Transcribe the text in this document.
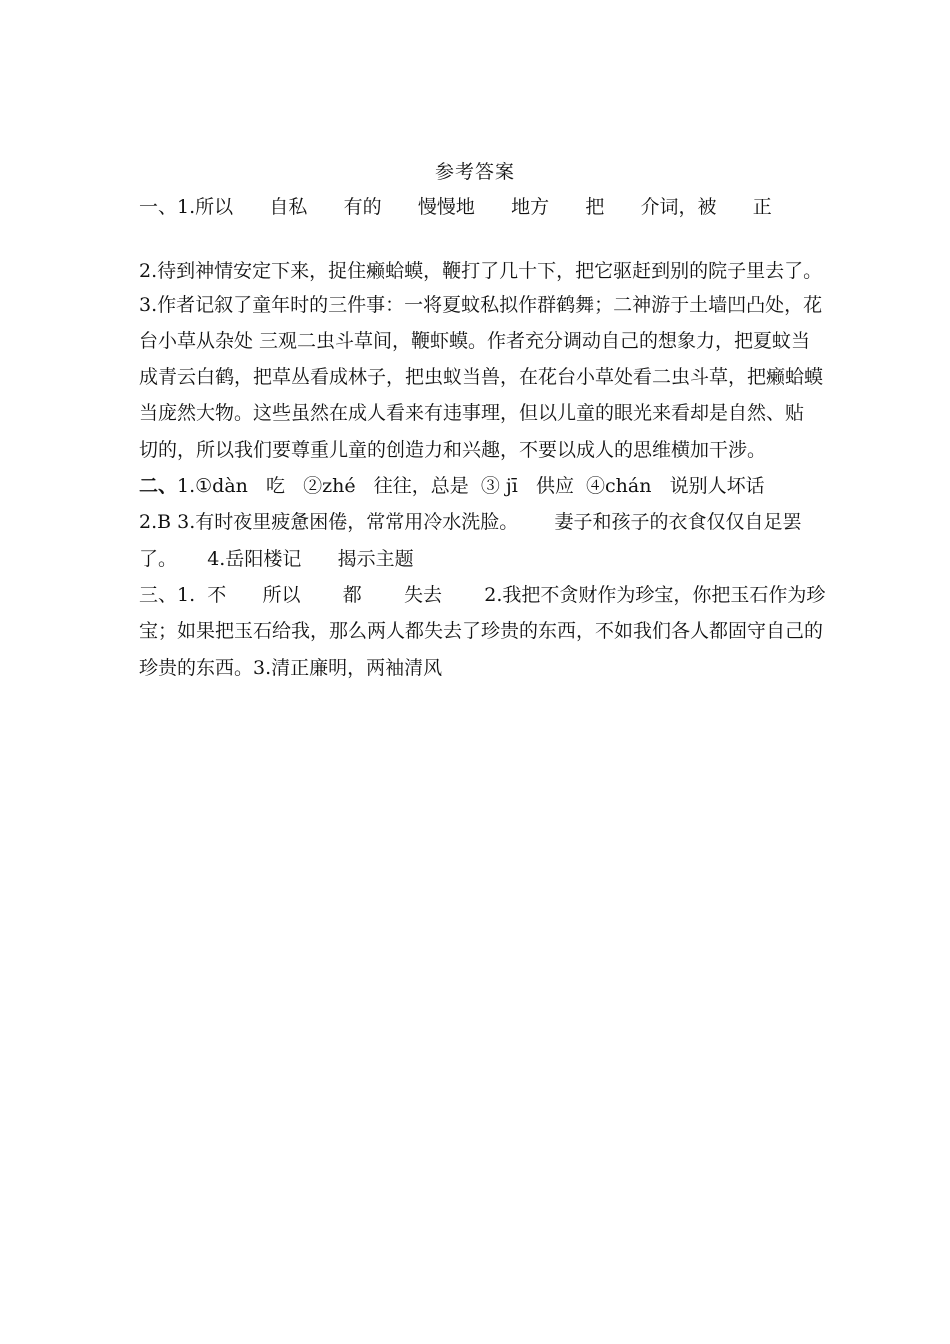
参考答案
一、1.所以      自私      有的      慢慢地      地方      把      介词，被      正
2.待到神情安定下来，捉住癞蛤蟆，鞭打了几十下，把它驱赶到别的院子里去了。
3.作者记叙了童年时的三件事：一将夏蚊私拟作群鹤舞；二神游于土墙凹凸处，花
台小草从杂处 三观二虫斗草间，鞭虾蟆。作者充分调动自己的想象力，把夏蚊当
成青云白鹤，把草丛看成林子，把虫蚁当兽，在花台小草处看二虫斗草，把癞蛤蟆
当庞然大物。这些虽然在成人看来有违事理，但以儿童的眼光来看却是自然、贴
切的，所以我们要尊重儿童的创造力和兴趣，不要以成人的思维横加干涉。
二、1.①dàn   吃   ②zhé   往往，总是  ③ jī   供应  ④chán   说别人坏话
2.B 3.有时夜里疲惫困倦，常常用冷水洗脸。      妻子和孩子的衣食仅仅自足罢
了。     4.岳阳楼记      揭示主题
三、1.  不      所以       都       失去       2.我把不贪财作为珍宝，你把玉石作为珍
宝；如果把玉石给我，那么两人都失去了珍贵的东西，不如我们各人都固守自己的
珍贵的东西。3.清正廉明，两袖清风
